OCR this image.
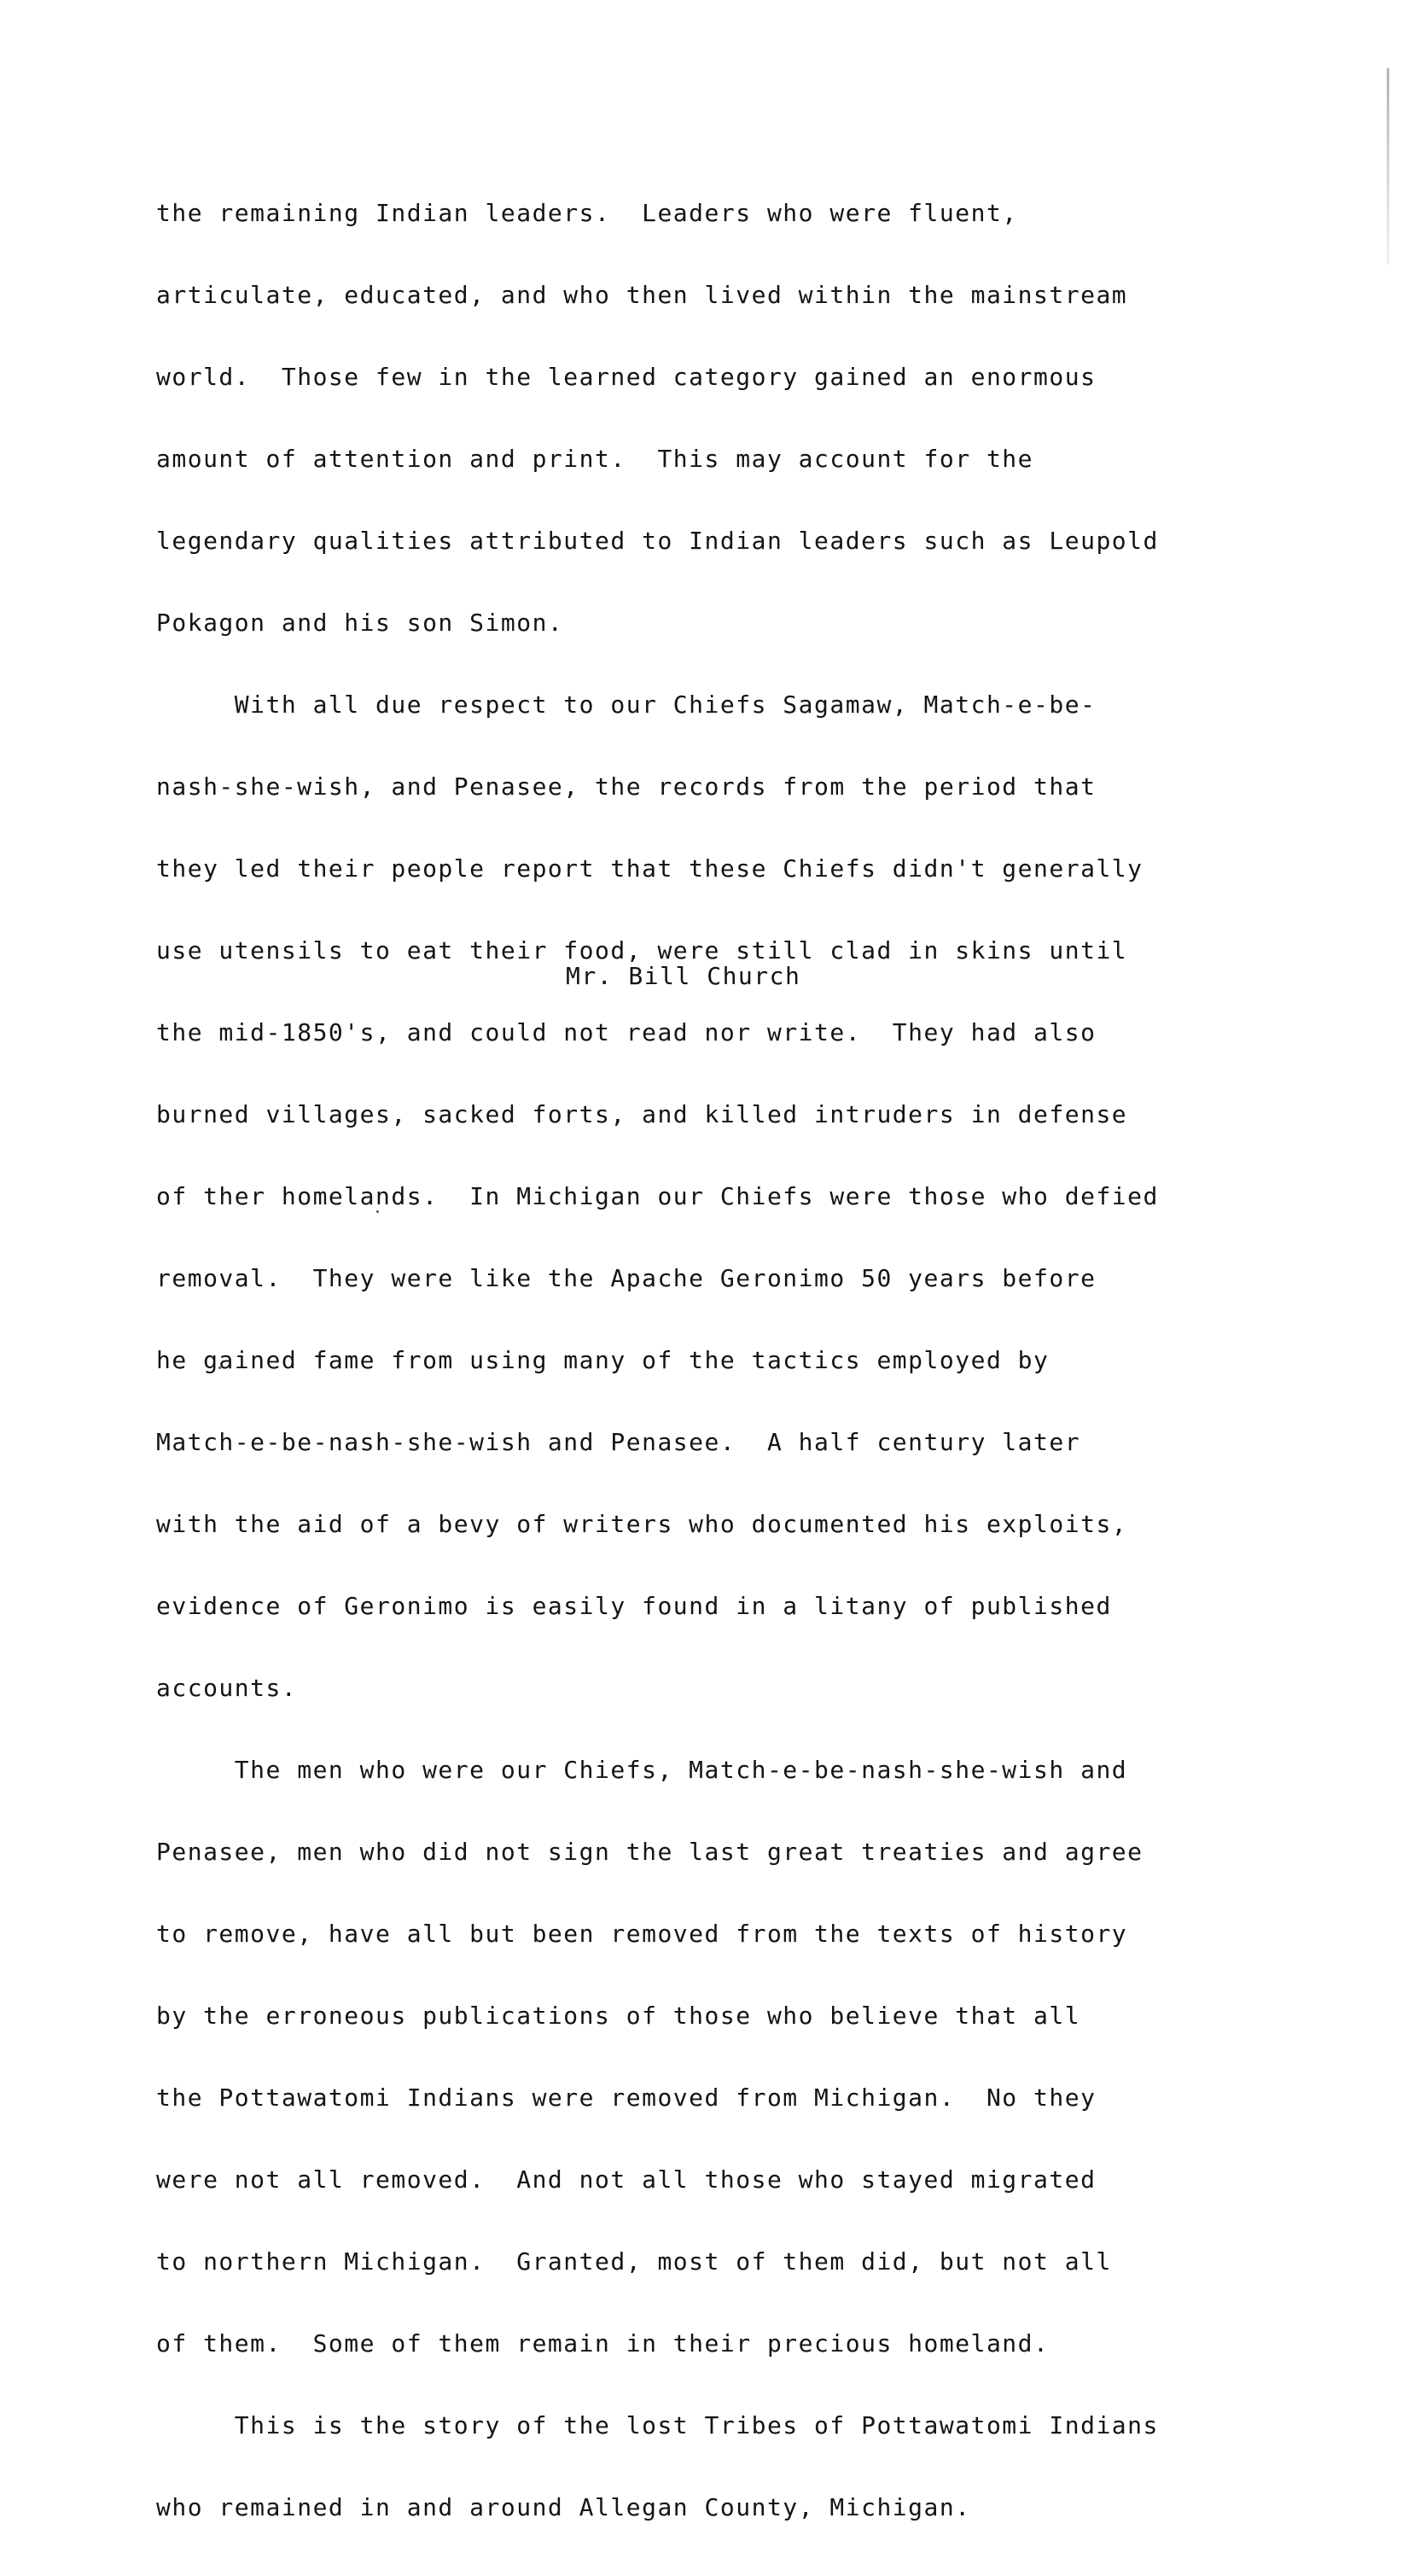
the remaining Indian leaders.  Leaders who were fluent,

articulate, educated, and who then lived within the mainstream

world.  Those few in the learned category gained an enormous

amount of attention and print.  This may account for the

legendary qualities attributed to Indian leaders such as Leupold

Pokagon and his son Simon.

With all due respect to our Chiefs Sagamaw, Match-e-be-

nash-she-wish, and Penasee, the records from the period that

they led their people report that these Chiefs didn't generally

use utensils to eat their food, were still clad in skins until

the mid-1850's, and could not read nor write.  They had also

burned villages, sacked forts, and killed intruders in defense

of ther homelands.  In Michigan our Chiefs were those who defied

removal.  They were like the Apache Geronimo 50 years before

he gained fame from using many of the tactics employed by

Match-e-be-nash-she-wish and Penasee.  A half century later

with the aid of a bevy of writers who documented his exploits,

evidence of Geronimo is easily found in a litany of published

accounts.

The men who were our Chiefs, Match-e-be-nash-she-wish and

Penasee, men who did not sign the last great treaties and agree

to remove, have all but been removed from the texts of history

by the erroneous publications of those who believe that all

the Pottawatomi Indians were removed from Michigan.  No they

were not all removed.  And not all those who stayed migrated

to northern Michigan.  Granted, most of them did, but not all

of them.  Some of them remain in their precious homeland.

This is the story of the lost Tribes of Pottawatomi Indians

who remained in and around Allegan County, Michigan.

Mr. Bill Church
